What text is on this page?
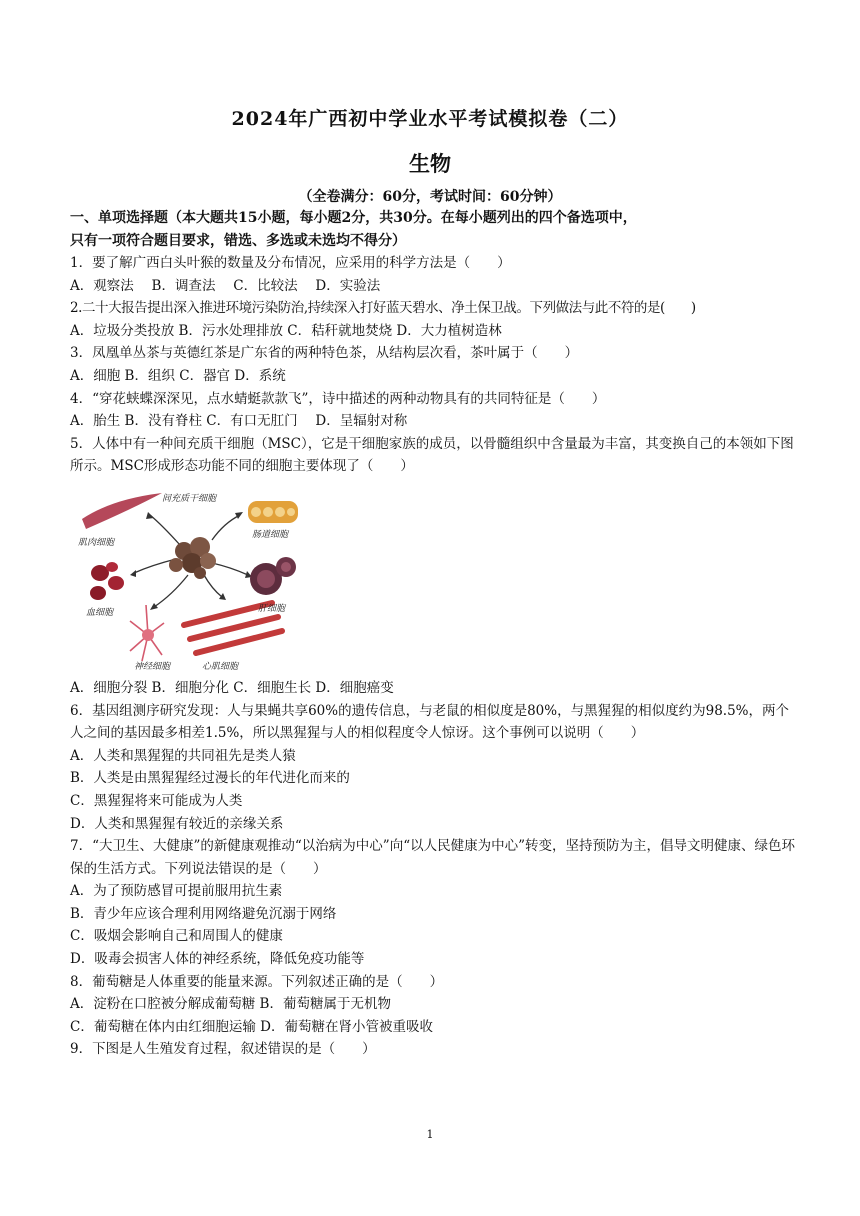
2024年广西初中学业水平考试模拟卷（二）
生物
（全卷满分：60分，考试时间：60分钟）
一、单项选择题（本大题共15小题，每小题2分，共30分。在每小题列出的四个备选项中，
只有一项符合题目要求，错选、多选或未选均不得分）
1．要了解广西白头叶猴的数量及分布情况，应采用的科学方法是（　　）
A．观察法　 B．调查法　 C．比较法　 D．实验法
2.二十大报告提出深入推进环境污染防治,持续深入打好蓝天碧水、净土保卫战。下列做法与此不符的是(　　)
A．垃圾分类投放 B．污水处理排放 C．秸秆就地焚烧 D．大力植树造林
3．凤凰单丛茶与英德红茶是广东省的两种特色茶，从结构层次看，茶叶属于（　　）
A．细胞 B．组织 C．器官 D．系统
4．“穿花蛱蝶深深见，点水蜻蜓款款飞”，诗中描述的两种动物具有的共同特征是（　　）
A．胎生 B．没有脊柱 C．有口无肛门　 D．呈辐射对称
5．人体中有一种间充质干细胞（MSC），它是干细胞家族的成员，以骨髓组织中含量最为丰富，其变换自己的本领如下图所示。MSC形成形态功能不同的细胞主要体现了（　　）
间充质干细胞
肌肉细胞
肠道细胞
血细胞	肝细胞
神经细胞	心肌细胞
A．细胞分裂 B．细胞分化 C．细胞生长 D．细胞癌变
6．基因组测序研究发现：人与果蝇共享60%的遗传信息，与老鼠的相似度是80%，与黑猩猩的相似度约为98.5%，两个人之间的基因最多相差1.5%，所以黑猩猩与人的相似程度令人惊讶。这个事例可以说明（　　）
A．人类和黑猩猩的共同祖先是类人猿
B．人类是由黑猩猩经过漫长的年代进化而来的
C．黑猩猩将来可能成为人类
D．人类和黑猩猩有较近的亲缘关系
7．“大卫生、大健康”的新健康观推动“以治病为中心”向“以人民健康为中心”转变，坚持预防为主，倡导文明健康、绿色环保的生活方式。下列说法错误的是（　　）
A．为了预防感冒可提前服用抗生素
B．青少年应该合理利用网络避免沉溺于网络
C．吸烟会影响自己和周围人的健康
D．吸毒会损害人体的神经系统，降低免疫功能等
8．葡萄糖是人体重要的能量来源。下列叙述正确的是（　　）
A．淀粉在口腔被分解成葡萄糖 B．葡萄糖属于无机物
C．葡萄糖在体内由红细胞运输 D．葡萄糖在肾小管被重吸收
9．下图是人生殖发育过程，叙述错误的是（　　）
1
